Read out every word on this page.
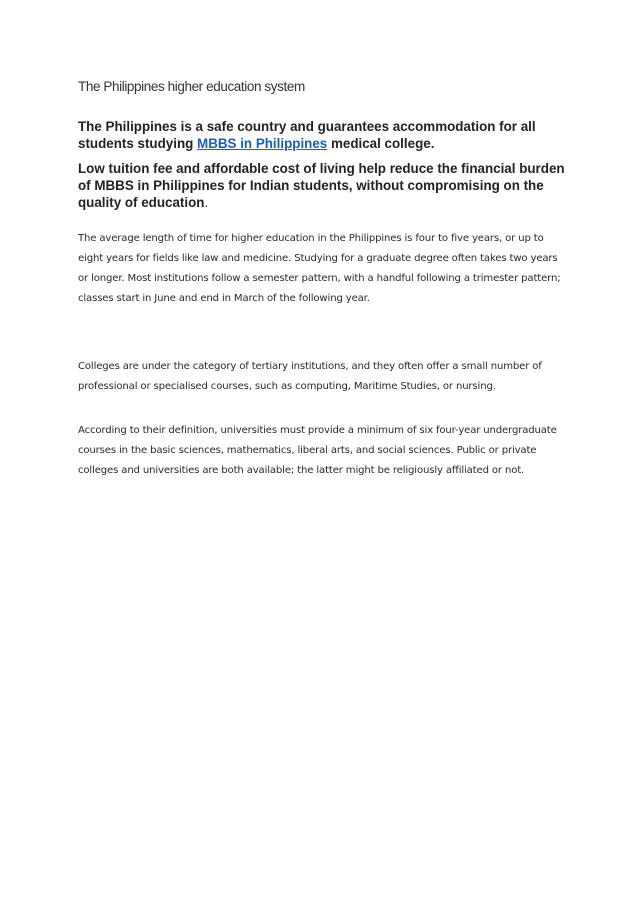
The Philippines higher education system

The Philippines is a safe country and guarantees accommodation for all students studying MBBS in Philippines medical college.

Low tuition fee and affordable cost of living help reduce the financial burden of MBBS in Philippines for Indian students, without compromising on the quality of education.

The average length of time for higher education in the Philippines is four to five years, or up to eight years for fields like law and medicine. Studying for a graduate degree often takes two years or longer. Most institutions follow a semester pattern, with a handful following a trimester pattern; classes start in June and end in March of the following year.

Colleges are under the category of tertiary institutions, and they often offer a small number of professional or specialised courses, such as computing, Maritime Studies, or nursing.

According to their definition, universities must provide a minimum of six four-year undergraduate courses in the basic sciences, mathematics, liberal arts, and social sciences. Public or private colleges and universities are both available; the latter might be religiously affiliated or not.
